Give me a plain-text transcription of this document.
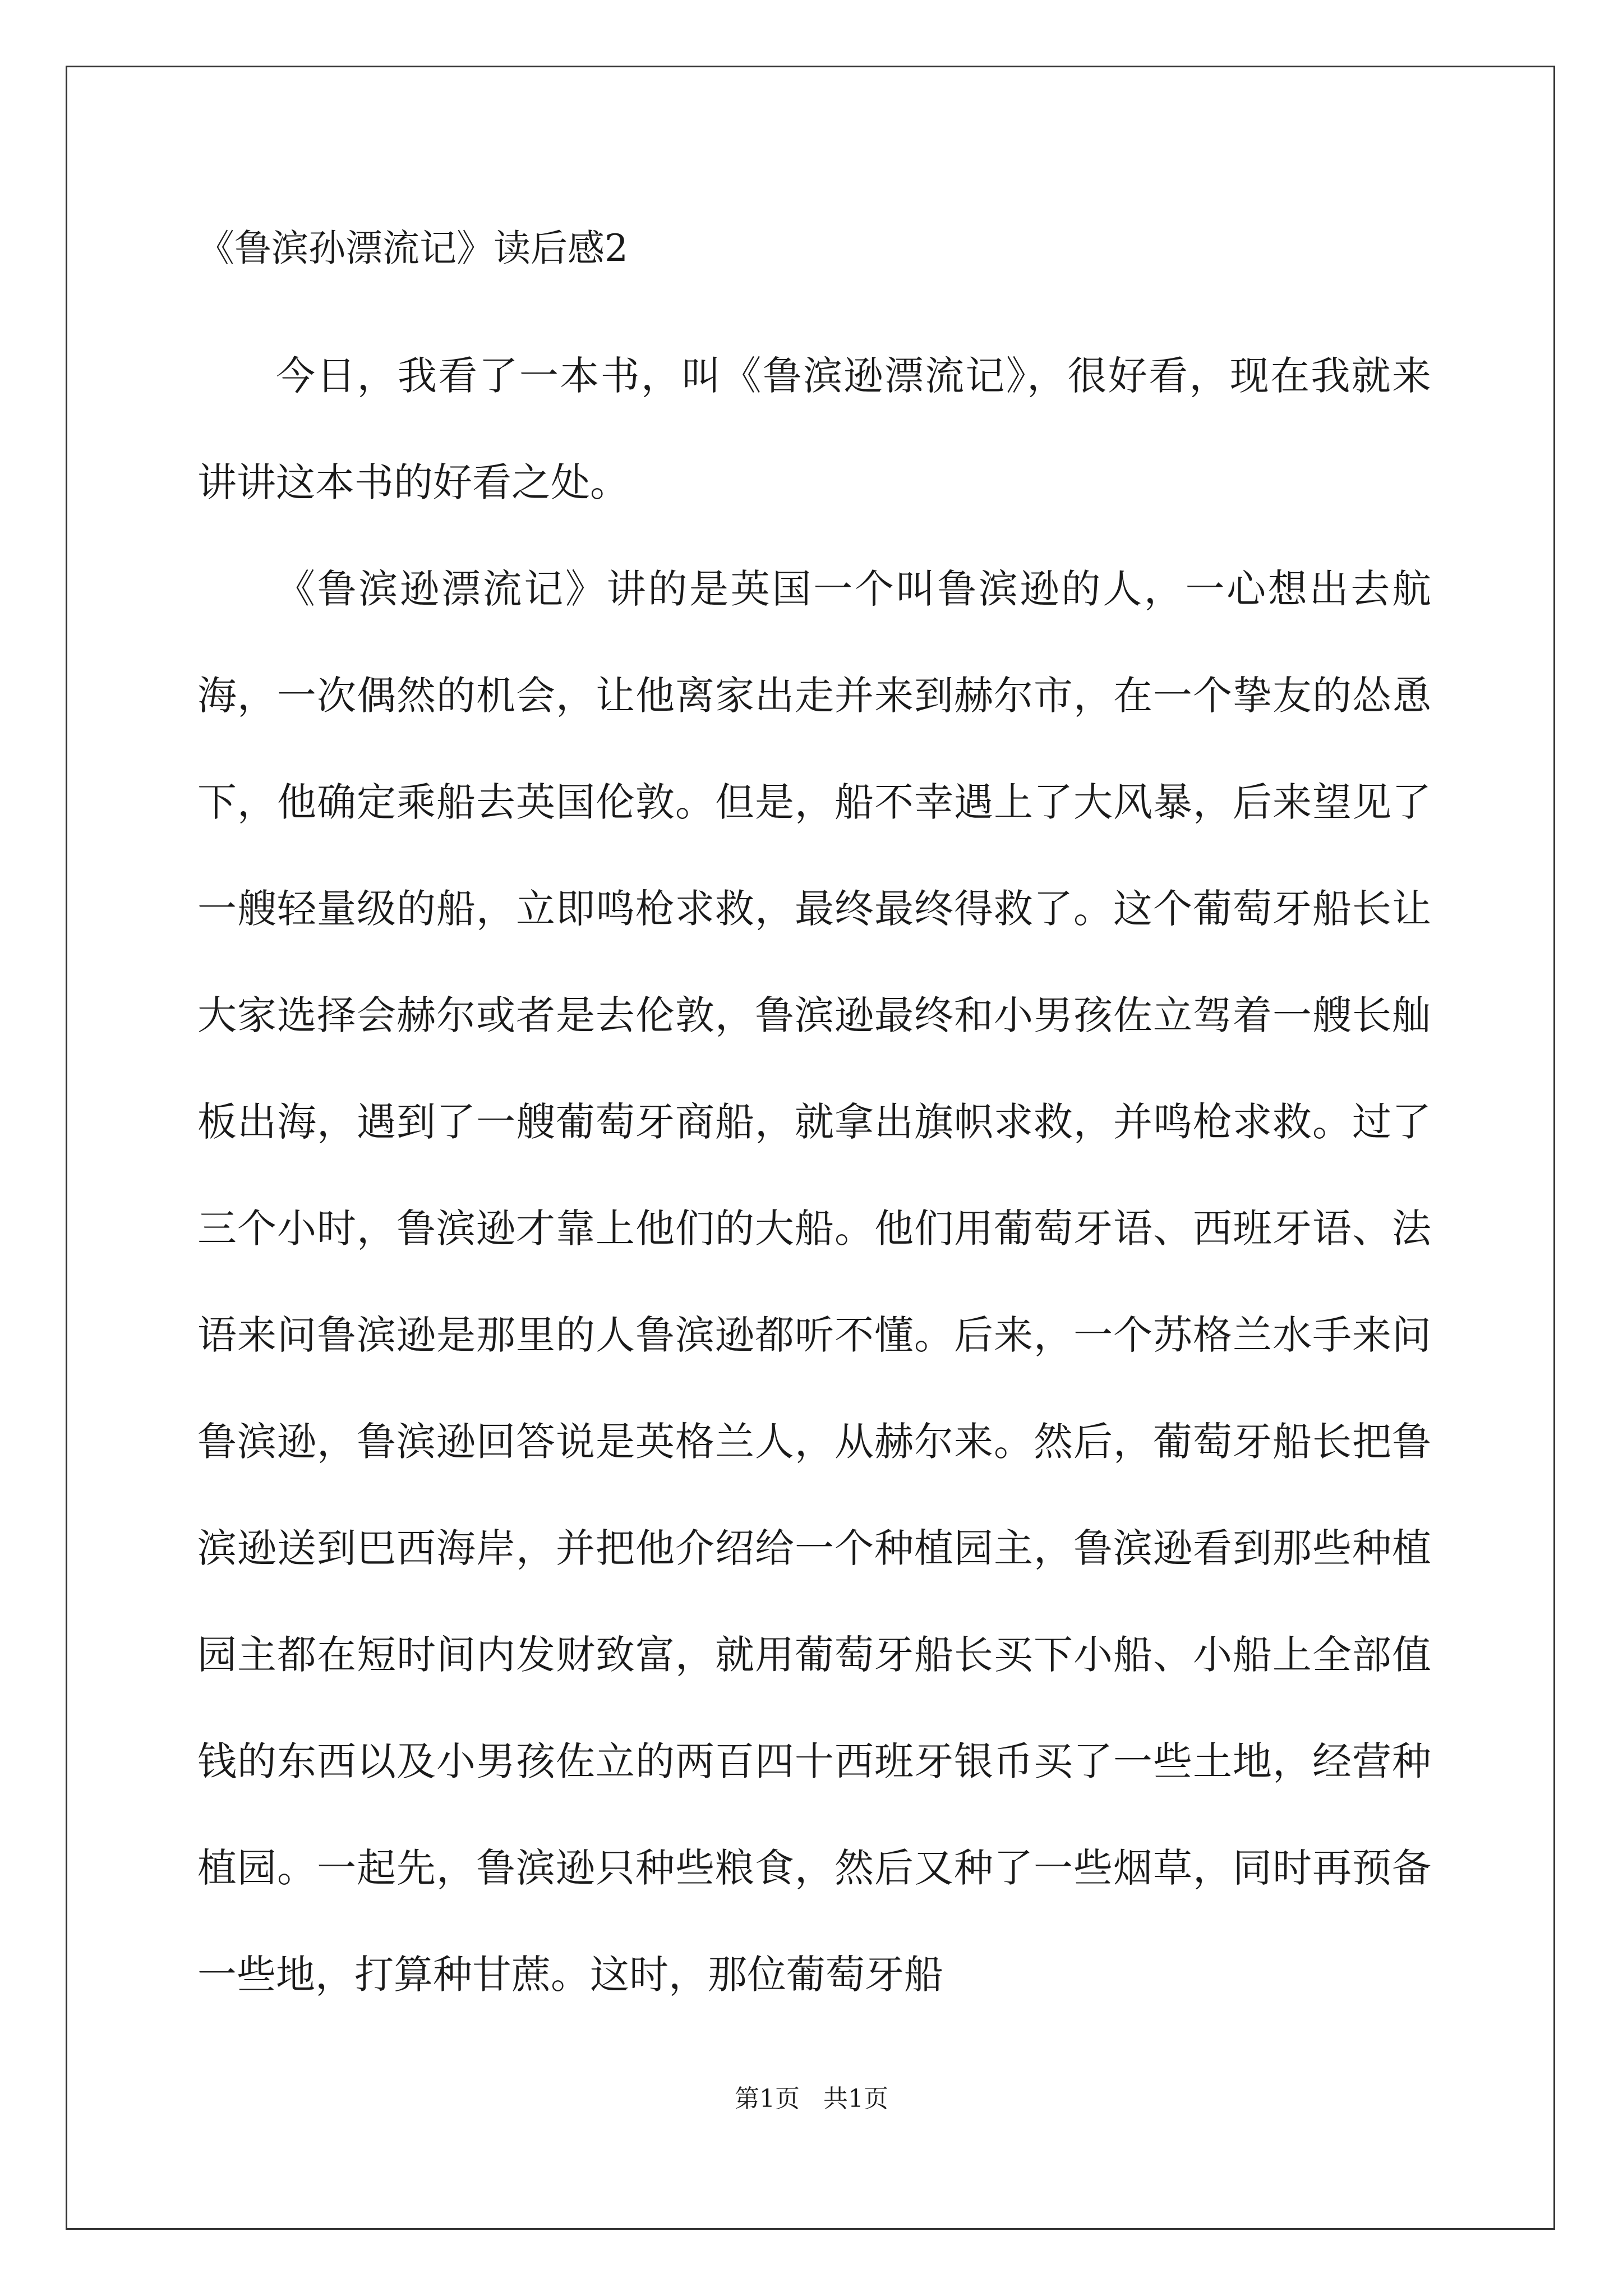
《鲁滨孙漂流记》读后感2

今日，我看了一本书，叫《鲁滨逊漂流记》，很好看，现在我就来讲讲这本书的好看之处。

《鲁滨逊漂流记》讲的是英国一个叫鲁滨逊的人，一心想出去航海，一次偶然的机会，让他离家出走并来到赫尔市，在一个挚友的怂恿下，他确定乘船去英国伦敦。但是，船不幸遇上了大风暴，后来望见了一艘轻量级的船，立即鸣枪求救，最终最终得救了。这个葡萄牙船长让大家选择会赫尔或者是去伦敦，鲁滨逊最终和小男孩佐立驾着一艘长舢板出海，遇到了一艘葡萄牙商船，就拿出旗帜求救，并鸣枪求救。过了三个小时，鲁滨逊才靠上他们的大船。他们用葡萄牙语、西班牙语、法语来问鲁滨逊是那里的人鲁滨逊都听不懂。后来，一个苏格兰水手来问鲁滨逊，鲁滨逊回答说是英格兰人，从赫尔来。然后，葡萄牙船长把鲁滨逊送到巴西海岸，并把他介绍给一个种植园主，鲁滨逊看到那些种植园主都在短时间内发财致富，就用葡萄牙船长买下小船、小船上全部值钱的东西以及小男孩佐立的两百四十西班牙银币买了一些土地，经营种植园。一起先，鲁滨逊只种些粮食，然后又种了一些烟草，同时再预备一些地，打算种甘蔗。这时，那位葡萄牙船

第1页   共1页
